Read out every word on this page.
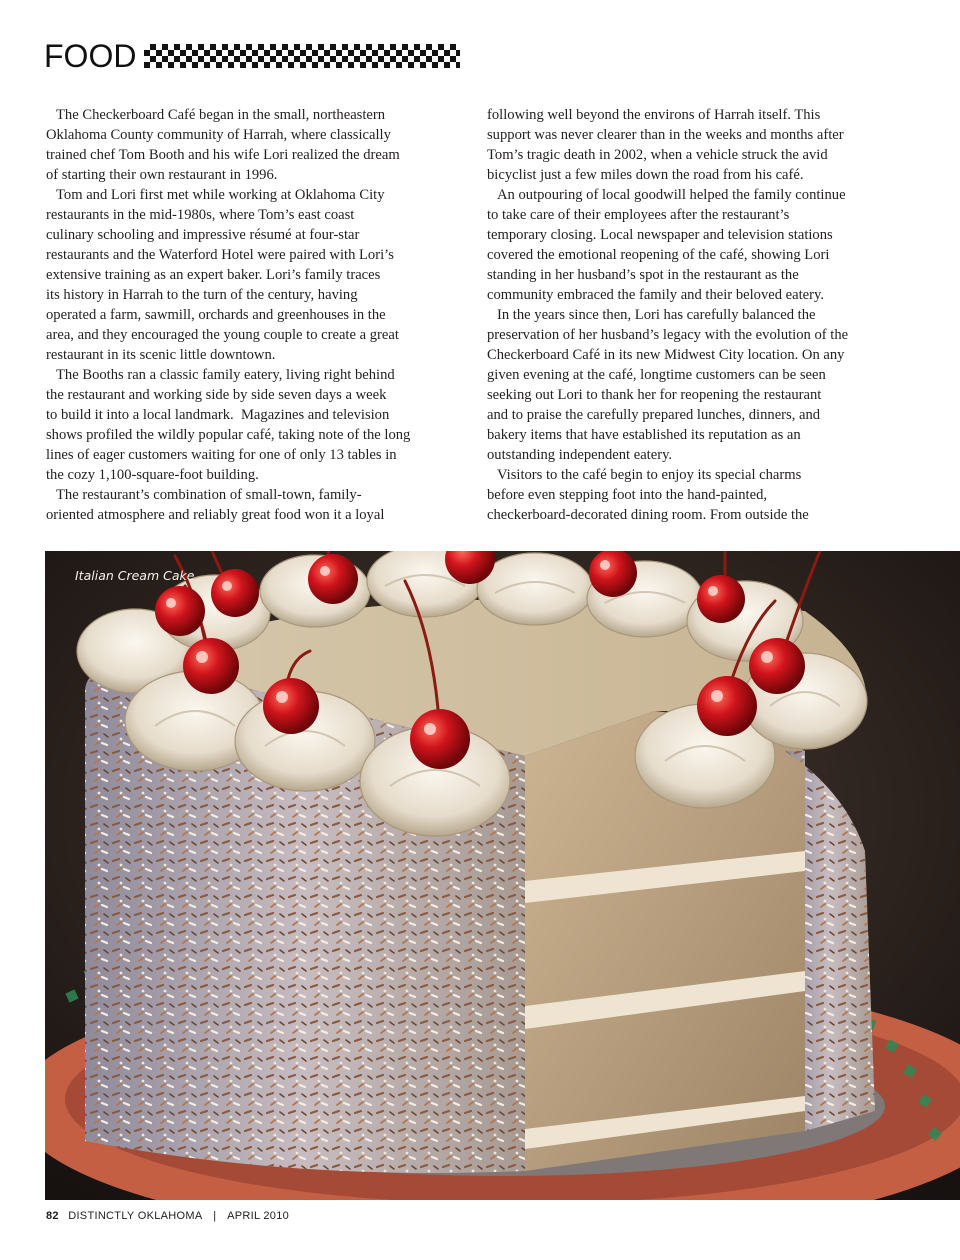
FOOD

The Checkerboard Café began in the small, northeastern
Oklahoma County community of Harrah, where classically
trained chef Tom Booth and his wife Lori realized the dream
of starting their own restaurant in 1996.

Tom and Lori first met while working at Oklahoma City
restaurants in the mid-1980s, where Tom’s east coast
culinary schooling and impressive résumé at four-star
restaurants and the Waterford Hotel were paired with Lori’s
extensive training as an expert baker. Lori’s family traces
its history in Harrah to the turn of the century, having
operated a farm, sawmill, orchards and greenhouses in the
area, and they encouraged the young couple to create a great
restaurant in its scenic little downtown.

The Booths ran a classic family eatery, living right behind
the restaurant and working side by side seven days a week
to build it into a local landmark.  Magazines and television
shows profiled the wildly popular café, taking note of the long
lines of eager customers waiting for one of only 13 tables in
the cozy 1,100-square-foot building.

The restaurant’s combination of small-town, family-
oriented atmosphere and reliably great food won it a loyal

following well beyond the environs of Harrah itself. This
support was never clearer than in the weeks and months after
Tom’s tragic death in 2002, when a vehicle struck the avid
bicyclist just a few miles down the road from his café.

An outpouring of local goodwill helped the family continue
to take care of their employees after the restaurant’s
temporary closing. Local newspaper and television stations
covered the emotional reopening of the café, showing Lori
standing in her husband’s spot in the restaurant as the
community embraced the family and their beloved eatery.

In the years since then, Lori has carefully balanced the
preservation of her husband’s legacy with the evolution of the
Checkerboard Café in its new Midwest City location. On any
given evening at the café, longtime customers can be seen
seeking out Lori to thank her for reopening the restaurant
and to praise the carefully prepared lunches, dinners, and
bakery items that have established its reputation as an
outstanding independent eatery.

Visitors to the café begin to enjoy its special charms
before even stepping foot into the hand-painted,
checkerboard-decorated dining room. From outside the

Italian Cream Cake
82 DISTINCTLY OKLAHOMA | APRIL 2010
